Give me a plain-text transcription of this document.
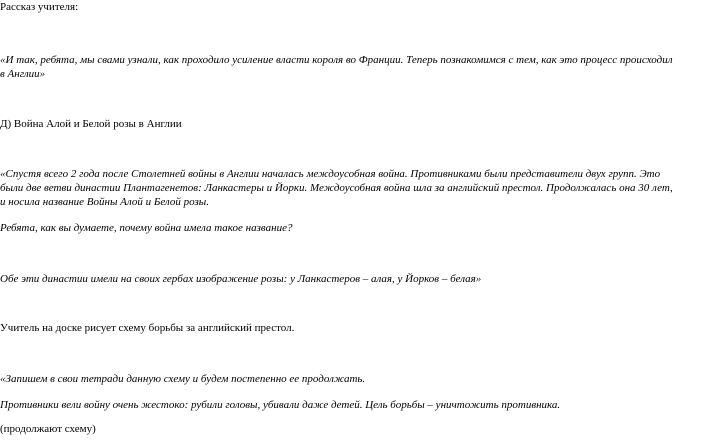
Рассказ учителя:

«И так, ребята, мы свами узнали, как проходило усиление власти короля во Франции. Теперь познакомимся с тем, как это процесс происходил

в Англии»

Д) Война Алой и Белой розы в Англии

«Спустя всего 2 года после Столетней войны в Англии началась междоусобная война. Противниками были представители двух групп. Это

были две ветви династии Плантагенетов: Ланкастеры и Йорки. Междоусобная война шла за английский престол. Продолжалась она 30 лет,

и носила название Войны Алой и Белой розы.

Ребята, как вы думаете, почему война имела такое название?

Обе эти династии имели на своих гербах изображение розы: у Ланкастеров – алая, у Йорков – белая»

Учитель на доске рисует схему борьбы за английский престол.

«Запишем в свои тетради данную схему и будем постепенно ее продолжать.

Противники вели войну очень жестоко: рубили головы, убивали даже детей. Цель борьбы – уничтожить противника.

(продолжают схему)
